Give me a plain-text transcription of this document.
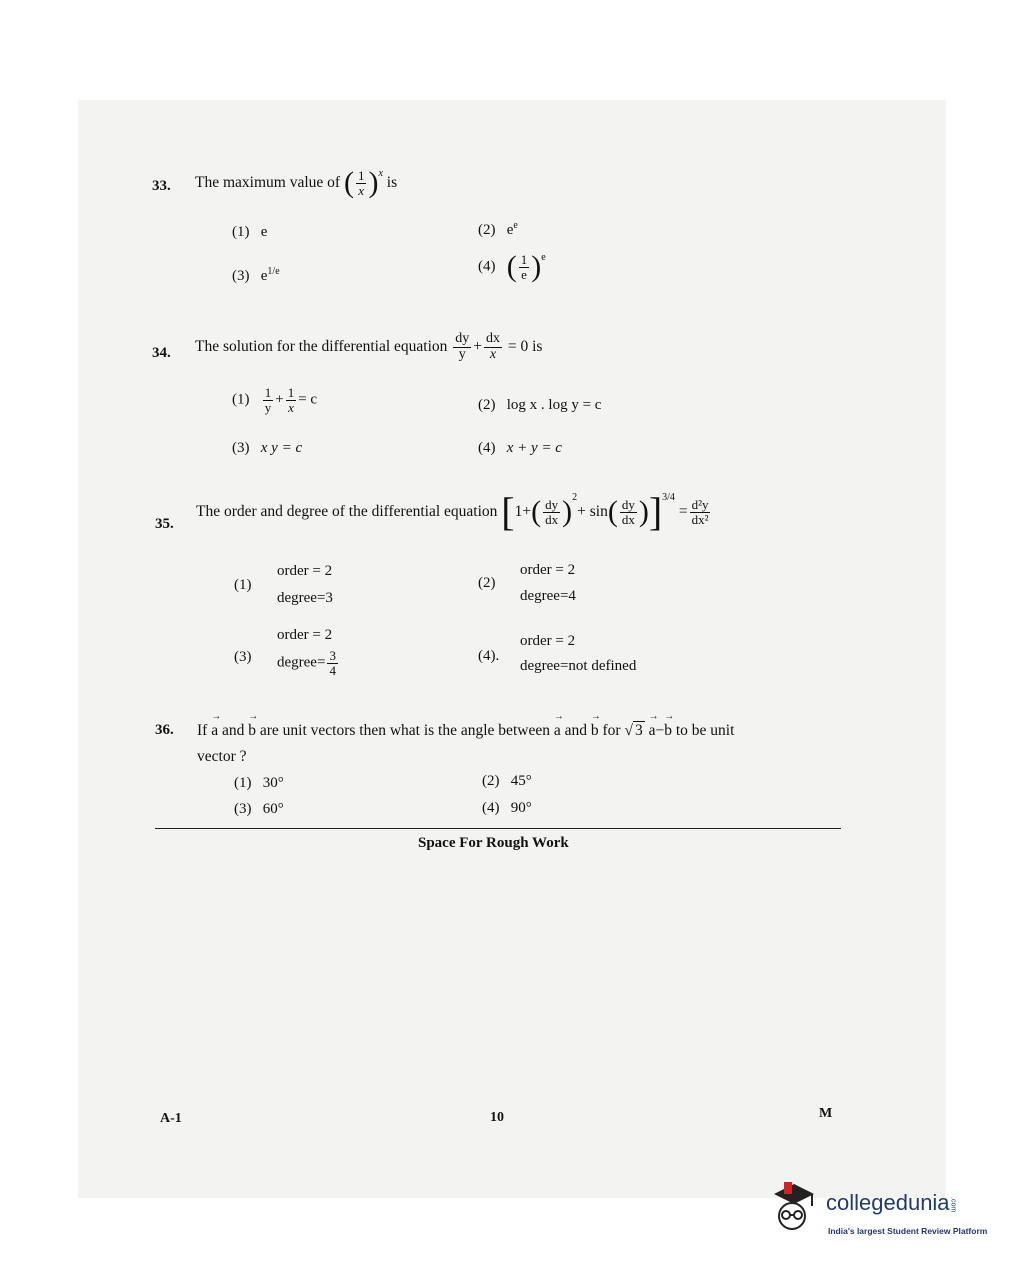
33. The maximum value of ( $\frac{1}{x} )^x$ is
(1) e	(2) $e^e$
(3) $e^{1/e}$	(4) ( $\frac{1}{e} )^e$
34. The solution for the differential equation $\frac{dy}{y} + \frac{dx}{x} = 0$ is
$(1) \frac{1}{y} + \frac{1}{x} = c$	(2) log x . log y = c
(3) x y = c	(4) x + y = c
35.
The order and degree of the differential equation $[1+( \frac{dy}{dx} )^2+ \sin( \frac{dy}{dx} )]^{3/4} = \frac{\text{d²y}}{\text{dx²}}$
(1)
order = 2
degree=3
(2)
order = 2
degree=4
(3)
order = 2
degree= $\frac{3}{4}$	(4).
order = 2
degree=not defined
36. If → a and → b are unit vectors then what is the angle between → a and → b for √ 3 → a−→ b to be unit
vector ?
(1) 30°	(2) 45°
(3) 60°	(4) 90°
Space For Rough Work
A-1	10	M
collegedunia.com
India's largest Student Review Platform
